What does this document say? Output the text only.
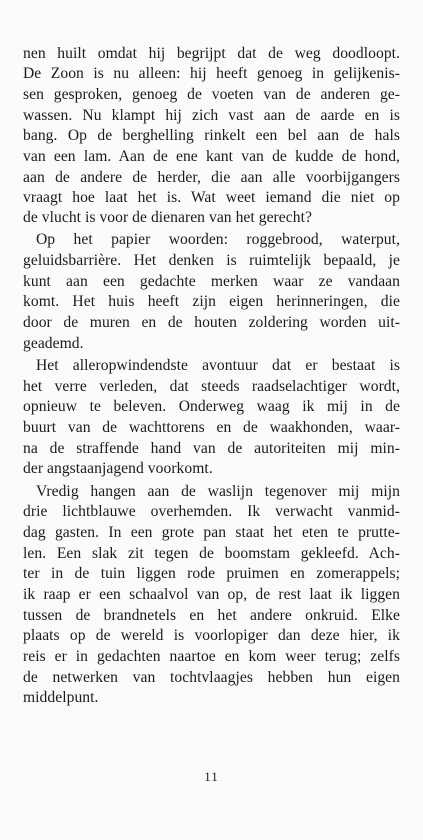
nen huilt omdat hij begrijpt dat de weg doodloopt.
De Zoon is nu alleen: hij heeft genoeg in gelijkenis-
sen gesproken, genoeg de voeten van de anderen ge-
wassen. Nu klampt hij zich vast aan de aarde en is
bang. Op de berghelling rinkelt een bel aan de hals
van een lam. Aan de ene kant van de kudde de hond,
aan de andere de herder, die aan alle voorbijgangers
vraagt hoe laat het is. Wat weet iemand die niet op
de vlucht is voor de dienaren van het gerecht?
Op het papier woorden: roggebrood, waterput,
geluidsbarrière. Het denken is ruimtelijk bepaald, je
kunt aan een gedachte merken waar ze vandaan
komt. Het huis heeft zijn eigen herinneringen, die
door de muren en de houten zoldering worden uit-
geademd.
Het alleropwindendste avontuur dat er bestaat is
het verre verleden, dat steeds raadselachtiger wordt,
opnieuw te beleven. Onderweg waag ik mij in de
buurt van de wachttorens en de waakhonden, waar-
na de straffende hand van de autoriteiten mij min-
der angstaanjagend voorkomt.
Vredig hangen aan de waslijn tegenover mij mijn
drie lichtblauwe overhemden. Ik verwacht vanmid-
dag gasten. In een grote pan staat het eten te prutte-
len. Een slak zit tegen de boomstam gekleefd. Ach-
ter in de tuin liggen rode pruimen en zomerappels;
ik raap er een schaalvol van op, de rest laat ik liggen
tussen de brandnetels en het andere onkruid. Elke
plaats op de wereld is voorlopiger dan deze hier, ik
reis er in gedachten naartoe en kom weer terug; zelfs
de netwerken van tochtvlaagjes hebben hun eigen
middelpunt.
11
